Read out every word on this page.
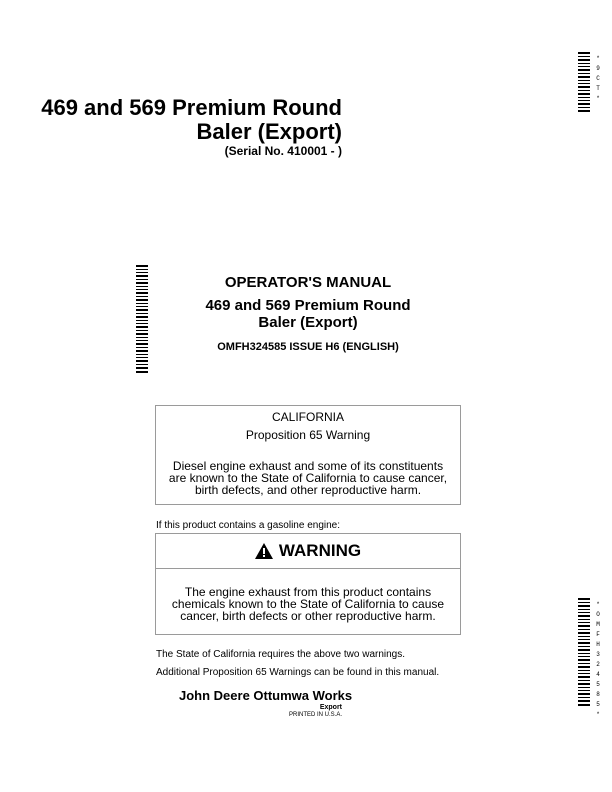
469 and 569 Premium Round
Baler (Export)
(Serial No. 410001 - )
* 9 C T *
OPERATOR'S MANUAL
469 and 569 Premium Round
Baler (Export)
OMFH324585 ISSUE H6 (ENGLISH)
CALIFORNIA
Proposition 65 Warning
Diesel engine exhaust and some of its constituents
are known to the State of California to cause cancer,
birth defects, and other reproductive harm.
If this product contains a gasoline engine:
WARNING
The engine exhaust from this product contains
chemicals known to the State of California to cause
cancer, birth defects or other reproductive harm.
The State of California requires the above two warnings.
Additional Proposition 65 Warnings can be found in this manual.
John Deere Ottumwa Works
Export
PRINTED IN U.S.A.
* O M F H 3 2 4 5 8 5 *
